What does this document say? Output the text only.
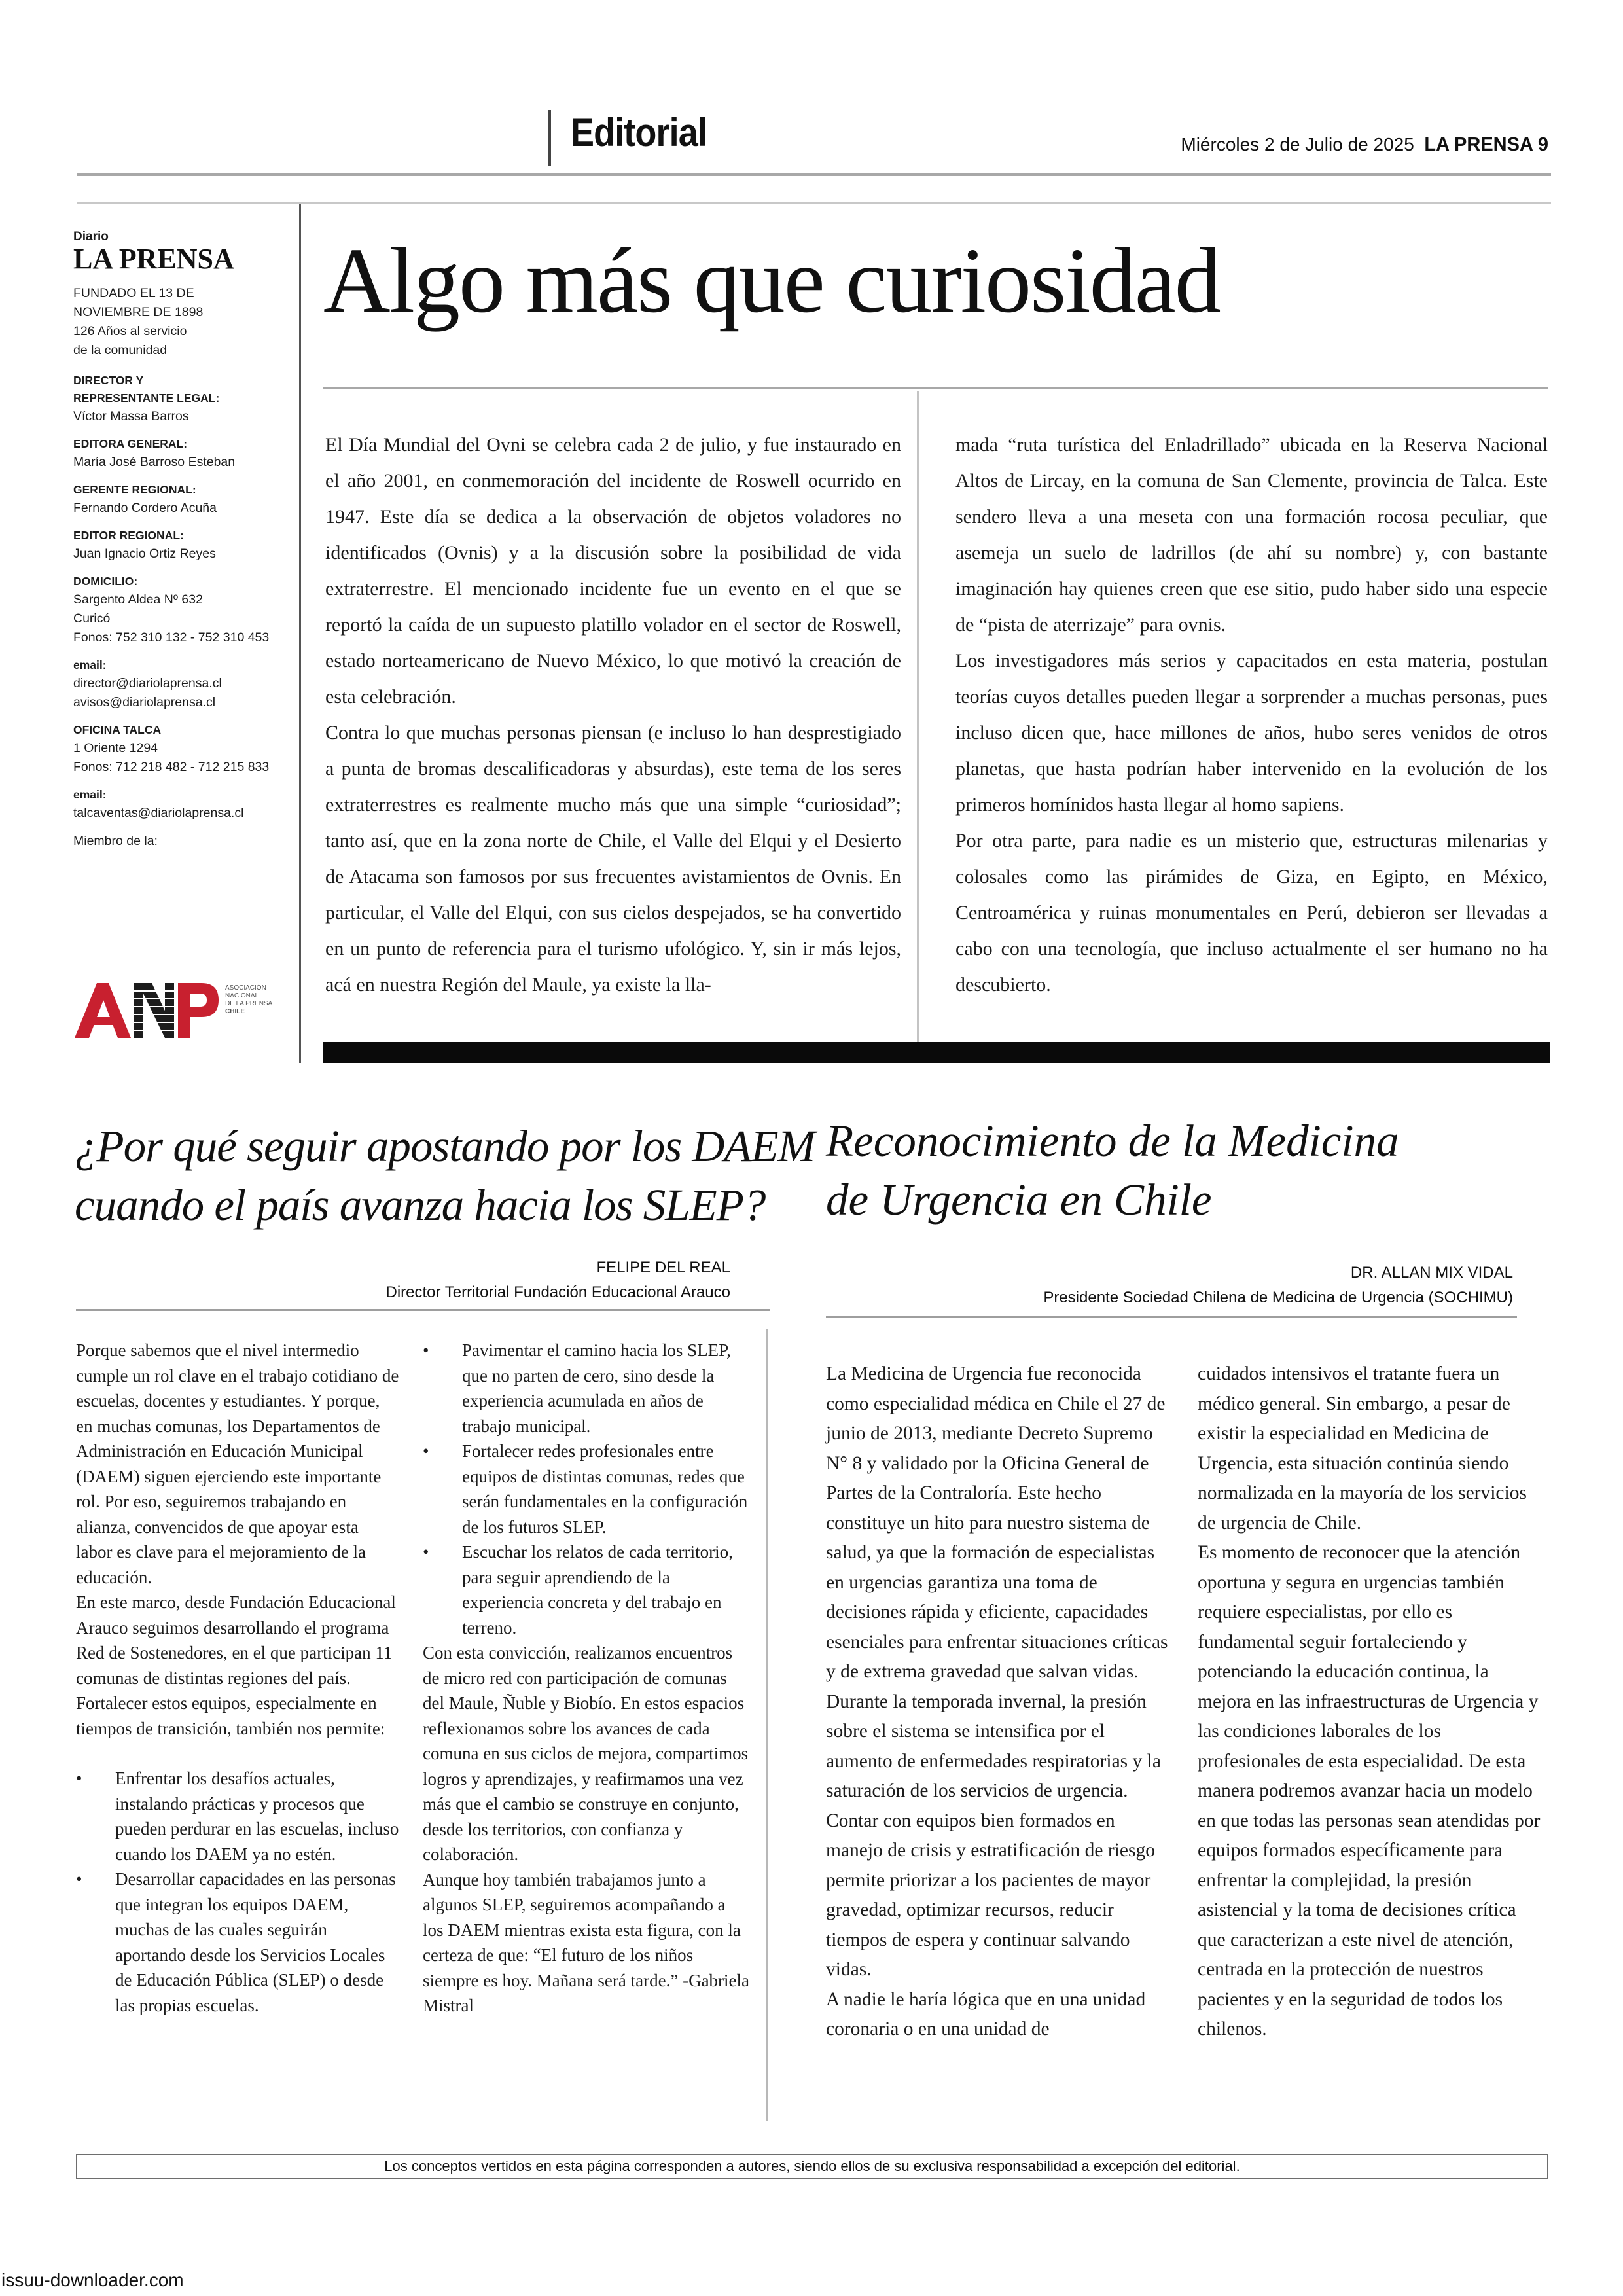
Editorial	Miércoles 2 de Julio de 2025 LA PRENSA 9
Diario
LA PRENSA
FUNDADO EL 13 DE
NOVIEMBRE DE 1898
126 Años al servicio
de la comunidad
DIRECTOR Y
REPRESENTANTE LEGAL:
Víctor Massa Barros
EDITORA GENERAL:
María José Barroso Esteban
GERENTE REGIONAL:
Fernando Cordero Acuña
EDITOR REGIONAL:
Juan Ignacio Ortiz Reyes
DOMICILIO:
Sargento Aldea Nº 632
Curicó
Fonos: 752 310 132 - 752 310 453
email:
director@diariolaprensa.cl
avisos@diariolaprensa.cl
OFICINA TALCA
1 Oriente 1294
Fonos: 712 218 482 - 712 215 833
email:
talcaventas@diariolaprensa.cl
Miembro de la:
ASOCIACIÓN
NACIONAL
DE LA PRENSA
CHILE
Algo más que curiosidad

El Día Mundial del Ovni se celebra cada 2 de julio, y fue instaurado en el año 2001, en conmemoración del incidente de Roswell ocurrido en 1947. Este día se dedica a la observación de objetos voladores no identificados (Ovnis) y a la discusión sobre la posibilidad de vida extraterrestre. El mencionado incidente fue un evento en el que se reportó la caída de un supuesto platillo volador en el sector de Roswell, estado norteamericano de Nuevo México, lo que motivó la creación de esta celebración.

Contra lo que muchas personas piensan (e incluso lo han desprestigiado a punta de bromas descalificadoras y absurdas), este tema de los seres extraterrestres es realmente mucho más que una simple “curiosidad”; tanto así, que en la zona norte de Chile, el Valle del Elqui y el Desierto de Atacama son famosos por sus frecuentes avistamientos de Ovnis. En particular, el Valle del Elqui, con sus cielos despejados, se ha convertido en un punto de referencia para el turismo ufológico. Y, sin ir más lejos, acá en nuestra Región del Maule, ya existe la lla-

mada “ruta turística del Enladrillado” ubicada en la Reserva Nacional Altos de Lircay, en la comuna de San Clemente, provincia de Talca. Este sendero lleva a una meseta con una formación rocosa peculiar, que asemeja un suelo de ladrillos (de ahí su nombre) y, con bastante imaginación hay quienes creen que ese sitio, pudo haber sido una especie de “pista de aterrizaje” para ovnis.

Los investigadores más serios y capacitados en esta materia, postulan teorías cuyos detalles pueden llegar a sorprender a muchas personas, pues incluso dicen que, hace millones de años, hubo seres venidos de otros planetas, que hasta podrían haber intervenido en la evolución de los primeros homínidos hasta llegar al homo sapiens.

Por otra parte, para nadie es un misterio que, estructuras milenarias y colosales como las pirámides de Giza, en Egipto, en México, Centroamérica y ruinas monumentales en Perú, debieron ser llevadas a cabo con una tecnología, que incluso actualmente el ser humano no ha descubierto.

¿Por qué seguir apostando por los DAEM
cuando el país avanza hacia los SLEP?
FELIPE DEL REAL
Director Territorial Fundación Educacional Arauco

Porque sabemos que el nivel intermedio cumple un rol clave en el trabajo cotidiano de escuelas, docentes y estudiantes. Y porque, en muchas comunas, los Departamentos de Administración en Educación Municipal (DAEM) siguen ejerciendo este importante rol. Por eso, seguiremos trabajando en alianza, convencidos de que apoyar esta labor es clave para el mejoramiento de la educación.

En este marco, desde Fundación Educacional Arauco seguimos desarrollando el programa Red de Sostenedores, en el que participan 11 comunas de distintas regiones del país. Fortalecer estos equipos, especialmente en tiempos de transición, también nos permite:

•	Enfrentar los desafíos actuales, instalando prácticas y procesos que pueden perdurar en las escuelas, incluso cuando los DAEM ya no estén.
•	Desarrollar capacidades en las personas que integran los equipos DAEM, muchas de las cuales seguirán aportando desde los Servicios Locales de Educación Pública (SLEP) o desde las propias escuelas.
•	Pavimentar el camino hacia los SLEP, que no parten de cero, sino desde la experiencia acumulada en años de trabajo municipal.
•	Fortalecer redes profesionales entre equipos de distintas comunas, redes que serán fundamentales en la configuración de los futuros SLEP.
•	Escuchar los relatos de cada territorio, para seguir aprendiendo de la experiencia concreta y del trabajo en terreno.

Con esta convicción, realizamos encuentros de micro red con participación de comunas del Maule, Ñuble y Biobío. En estos espacios reflexionamos sobre los avances de cada comuna en sus ciclos de mejora, compartimos logros y aprendizajes, y reafirmamos una vez más que el cambio se construye en conjunto, desde los territorios, con confianza y colaboración.

Aunque hoy también trabajamos junto a algunos SLEP, seguiremos acompañando a los DAEM mientras exista esta figura, con la certeza de que: “El futuro de los niños siempre es hoy. Mañana será tarde.” -Gabriela Mistral

Reconocimiento de la Medicina
de Urgencia en Chile
DR. ALLAN MIX VIDAL
Presidente Sociedad Chilena de Medicina de Urgencia (SOCHIMU)

La Medicina de Urgencia fue reconocida como especialidad médica en Chile el 27 de junio de 2013, mediante Decreto Supremo N° 8 y validado por la Oficina General de Partes de la Contraloría. Este hecho constituye un hito para nuestro sistema de salud, ya que la formación de especialistas en urgencias garantiza una toma de decisiones rápida y eficiente, capacidades esenciales para enfrentar situaciones críticas y de extrema gravedad que salvan vidas.

Durante la temporada invernal, la presión sobre el sistema se intensifica por el aumento de enfermedades respiratorias y la saturación de los servicios de urgencia. Contar con equipos bien formados en manejo de crisis y estratificación de riesgo permite priorizar a los pacientes de mayor gravedad, optimizar recursos, reducir tiempos de espera y continuar salvando vidas.

A nadie le haría lógica que en una unidad coronaria o en una unidad de

cuidados intensivos el tratante fuera un médico general. Sin embargo, a pesar de existir la especialidad en Medicina de Urgencia, esta situación continúa siendo normalizada en la mayoría de los servicios de urgencia de Chile.

Es momento de reconocer que la atención oportuna y segura en urgencias también requiere especialistas, por ello es fundamental seguir fortaleciendo y potenciando la educación continua, la mejora en las infraestructuras de Urgencia y las condiciones laborales de los profesionales de esta especialidad. De esta manera podremos avanzar hacia un modelo en que todas las personas sean atendidas por equipos formados específicamente para enfrentar la complejidad, la presión asistencial y la toma de decisiones crítica que caracterizan a este nivel de atención, centrada en la protección de nuestros pacientes y en la seguridad de todos los chilenos.

Los conceptos vertidos en esta página corresponden a autores, siendo ellos de su exclusiva responsabilidad a excepción del editorial.
issuu-downloader.com
